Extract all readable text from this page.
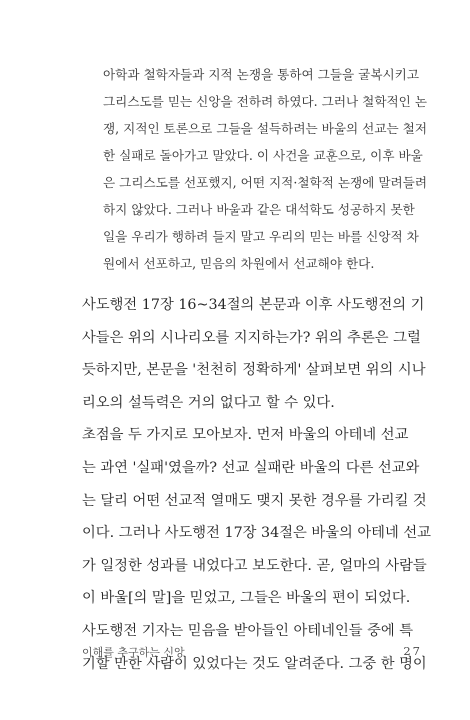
아학과 철학자들과 지적 논쟁을 통하여 그들을 굴복시키고
그리스도를 믿는 신앙을 전하려 하였다. 그러나 철학적인 논
쟁, 지적인 토론으로 그들을 설득하려는 바울의 선교는 철저
한 실패로 돌아가고 말았다. 이 사건을 교훈으로, 이후 바울
은 그리스도를 선포했지, 어떤 지적·철학적 논쟁에 말려들려
하지 않았다. 그러나 바울과 같은 대석학도 성공하지 못한
일을 우리가 행하려 들지 말고 우리의 믿는 바를 신앙적 차
원에서 선포하고, 믿음의 차원에서 선교해야 한다.
사도행전 17장 16~34절의 본문과 이후 사도행전의 기
사들은 위의 시나리오를 지지하는가? 위의 추론은 그럴
듯하지만, 본문을 '천천히 정확하게' 살펴보면 위의 시나
리오의 설득력은 거의 없다고 할 수 있다.
초점을 두 가지로 모아보자. 먼저 바울의 아테네 선교
는 과연 '실패'였을까? 선교 실패란 바울의 다른 선교와
는 달리 어떤 선교적 열매도 맺지 못한 경우를 가리킬 것
이다. 그러나 사도행전 17장 34절은 바울의 아테네 선교
가 일정한 성과를 내었다고 보도한다. 곧, 얼마의 사람들
이 바울[의 말]을 믿었고, 그들은 바울의 편이 되었다.
사도행전 기자는 믿음을 받아들인 아테네인들 중에 특
기할 만한 사람이 있었다는 것도 알려준다. 그중 한 명이
이해를 추구하는 신앙	27
